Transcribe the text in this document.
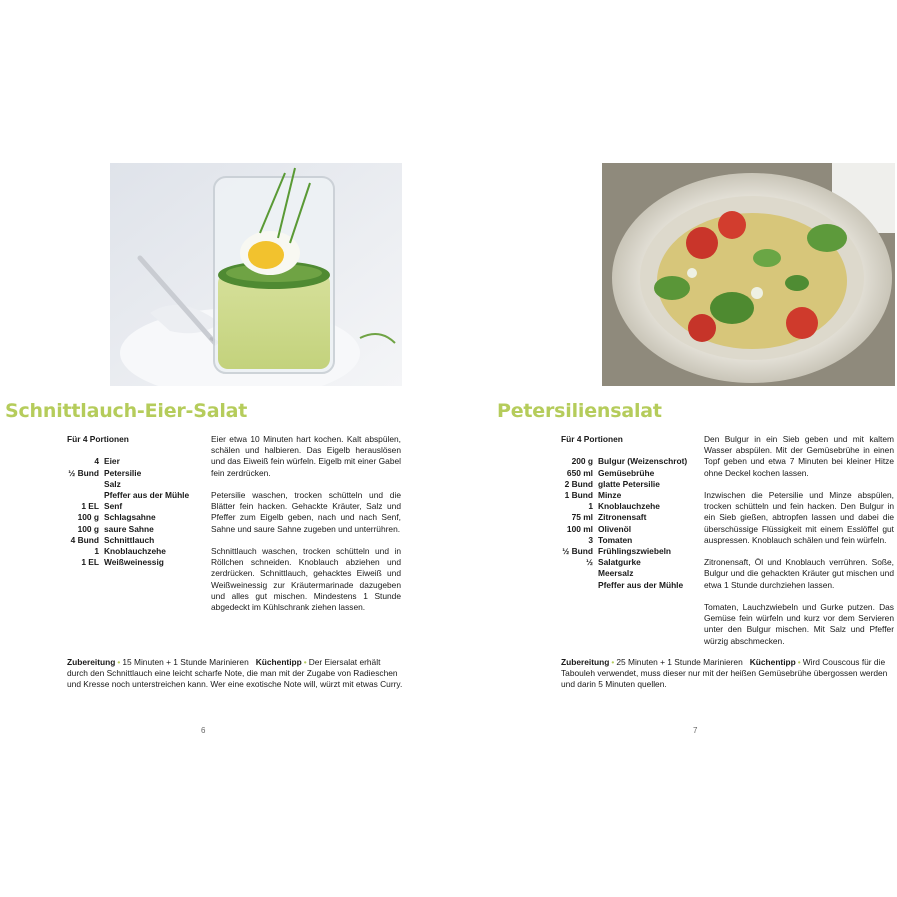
Schnittlauch-Eier-Salat
Für 4 Portionen
4 Eier
½ Bund Petersilie
Salz
Pfeffer aus der Mühle
1 EL Senf
100 g Schlagsahne
100 g saure Sahne
4 Bund Schnittlauch
1 Knoblauchzehe
1 EL Weißweinessig

Eier etwa 10 Minuten hart kochen. Kalt abspülen, schälen und halbieren. Das Eigelb herauslösen und das Eiweiß fein würfeln. Eigelb mit einer Gabel fein zerdrücken.

Petersilie waschen, trocken schütteln und die Blätter fein hacken. Gehackte Kräuter, Salz und Pfeffer zum Eigelb geben, nach und nach Senf, Sahne und saure Sahne zugeben und unterrühren.

Schnittlauch waschen, trocken schütteln und in Röllchen schneiden. Knoblauch abziehen und zerdrücken. Schnittlauch, gehacktes Eiweiß und Weißweinessig zur Kräutermarinade dazugeben und alles gut mischen. Mindestens 1 Stunde abgedeckt im Kühlschrank ziehen lassen.

Zubereitung • 15 Minuten + 1 Stunde Marinieren Küchentipp • Der Eiersalat erhält durch den Schnittlauch eine leicht scharfe Note, die man mit der Zugabe von Radieschen und Kresse noch unterstreichen kann. Wer eine exotische Note will, würzt mit etwas Curry.
6
Petersiliensalat
Für 4 Portionen
200 g Bulgur (Weizenschrot)
650 ml Gemüsebrühe
2 Bund glatte Petersilie
1 Bund Minze
1 Knoblauchzehe
75 ml Zitronensaft
100 ml Olivenöl
3 Tomaten
½ Bund Frühlingszwiebeln
½ Salatgurke
Meersalz
Pfeffer aus der Mühle

Den Bulgur in ein Sieb geben und mit kaltem Wasser abspülen. Mit der Gemüsebrühe in einen Topf geben und etwa 7 Minuten bei kleiner Hitze ohne Deckel kochen lassen.

Inzwischen die Petersilie und Minze abspülen, trocken schütteln und fein hacken. Den Bulgur in ein Sieb gießen, abtropfen lassen und dabei die überschüssige Flüssigkeit mit einem Esslöffel gut auspressen. Knoblauch schälen und fein würfeln.

Zitronensaft, Öl und Knoblauch verrühren. Soße, Bulgur und die gehackten Kräuter gut mischen und etwa 1 Stunde durchziehen lassen.

Tomaten, Lauchzwiebeln und Gurke putzen. Das Gemüse fein würfeln und kurz vor dem Servieren unter den Bulgur mischen. Mit Salz und Pfeffer würzig abschmecken.

Zubereitung • 25 Minuten + 1 Stunde Marinieren Küchentipp • Wird Couscous für die Tabouleh verwendet, muss dieser nur mit der heißen Gemüsebrühe übergossen werden und darin 5 Minuten quellen.
7
